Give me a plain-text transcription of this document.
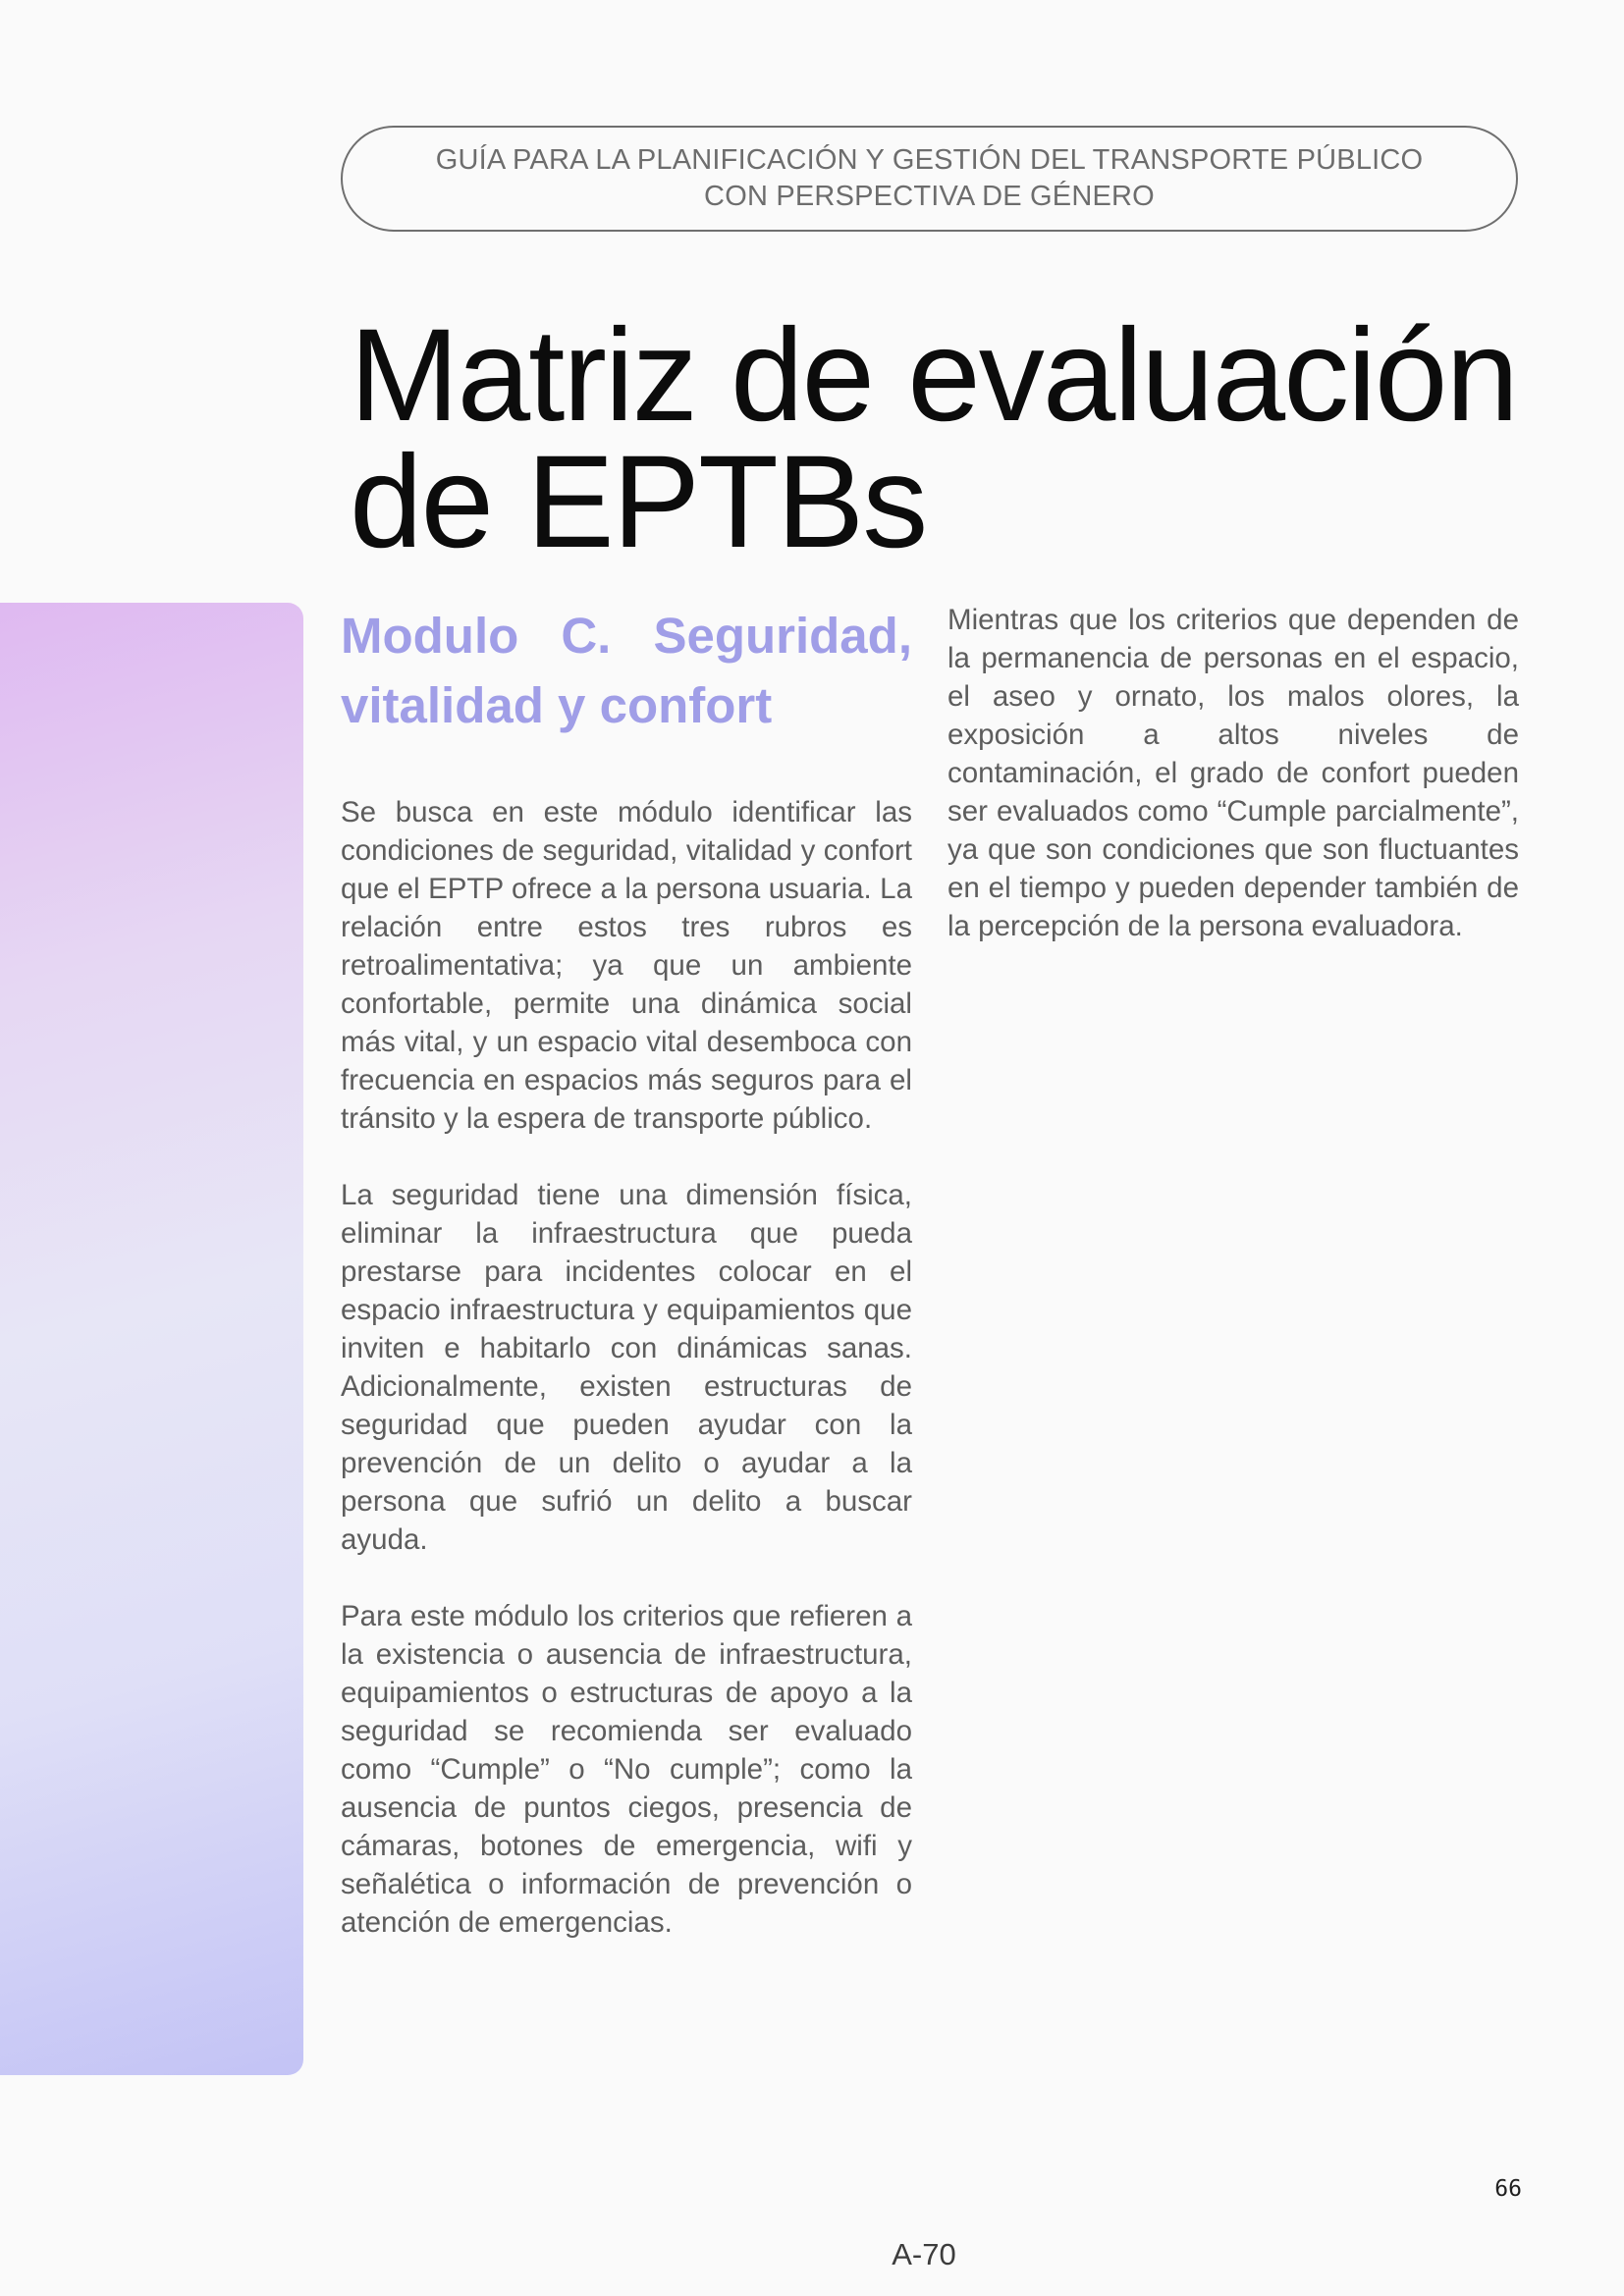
GUÍA PARA LA PLANIFICACIÓN Y GESTIÓN DEL TRANSPORTE PÚBLICO CON PERSPECTIVA DE GÉNERO
Matriz de evaluación de EPTBs
Modulo C. Seguridad, vitalidad y confort

Se busca en este módulo identificar las condiciones de seguridad, vitalidad y confort que el EPTP ofrece a la persona usuaria. La relación entre estos tres rubros es retroalimentativa; ya que un ambiente confortable, permite una dinámica social más vital, y un espacio vital desemboca con frecuencia en espacios más seguros para el tránsito y la espera de transporte público.

La seguridad tiene una dimensión física, eliminar la infraestructura que pueda prestarse para incidentes colocar en el espacio infraestructura y equipamientos que inviten e habitarlo con dinámicas sanas. Adicionalmente, existen estructuras de seguridad que pueden ayudar con la prevención de un delito o ayudar a la persona que sufrió un delito a buscar ayuda.

Para este módulo los criterios que refieren a la existencia o ausencia de infraestructura, equipamientos o estructuras de apoyo a la seguridad se recomienda ser evaluado como “Cumple” o “No cumple”; como la ausencia de puntos ciegos, presencia de cámaras, botones de emergencia, wifi y señalética o información de prevención o atención de emergencias.

Mientras que los criterios que dependen de la permanencia de personas en el espacio, el aseo y ornato, los malos olores, la exposición a altos niveles de contaminación, el grado de confort pueden ser evaluados como “Cumple parcialmente”, ya que son condiciones que son fluctuantes en el tiempo y pueden depender también de la percepción de la persona evaluadora.

66
A-70
